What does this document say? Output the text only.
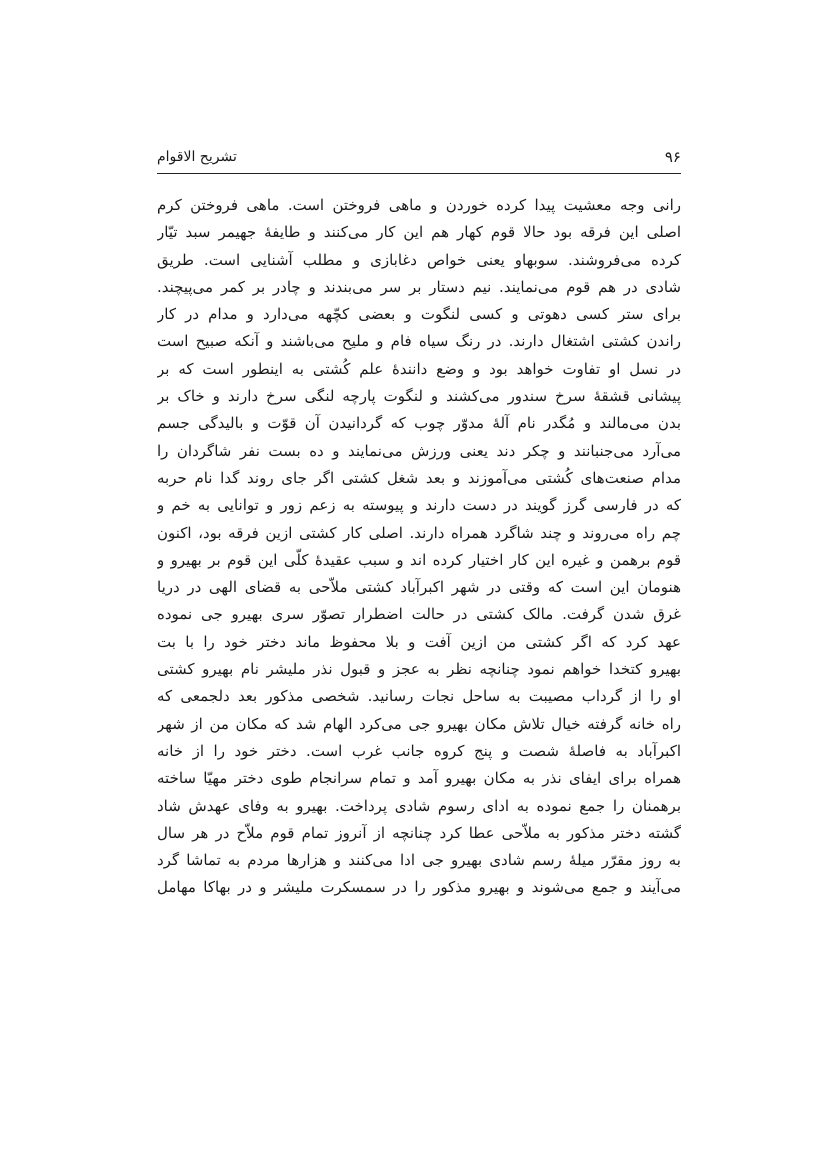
تشریح الاقوام	۹۶
رانی وجه معشیت پیدا کرده خوردن و ماهی فروختن است. ماهی فروختن کرم
اصلی این فرقه بود حالا قوم کهار هم این کار می‌کنند و طایفهٔ جهیمر سبد تیّار
کرده می‌فروشند. سوبهاو یعنی خواص دغابازی و مطلب آشنایی است. طریق
شادی در هم قوم می‌نمایند. نیم دستار بر سر می‌بندند و چادر بر کمر می‌پیچند.
برای ستر کسی دهوتی و کسی لنگوت و بعضی کچّهه می‌دارد و مدام در کار
راندن کشتی اشتغال دارند. در رنگ سیاه فام و ملیح می‌باشند و آنکه صبیح است
در نسل او تفاوت خواهد بود و وضع دانندهٔ علم کُشتی به اینطور است که بر
پیشانی قشقهٔ سرخ سندور می‌کشند و لنگوت پارچه لنگی سرخ دارند و خاک بر
بدن می‌مالند و مُگدر نام آلهٔ مدوّر چوب که گردانیدن آن قوّت و بالیدگی جسم
می‌آرد می‌جنبانند و چکر دند یعنی ورزش می‌نمایند و ده بست نفر شاگردان را
مدام صنعت‌های کُشتی می‌آموزند و بعد شغل کشتی اگر جای روند گدا نام حربه
که در فارسی گرز گویند در دست دارند و پیوسته به زعم زور و توانایی به خم و
چم راه می‌روند و چند شاگرد همراه دارند. اصلی کار کشتی ازین فرقه بود، اکنون
قوم برهمن و غیره این کار اختیار کرده اند و سبب عقیدهٔ کلّی این قوم بر بهیرو و
هنومان این است که وقتی در شهر اکبرآباد کشتی ملاّحی به قضای الهی در دریا
غرق شدن گرفت. مالک کشتی در حالت اضطرار تصوّر سری بهیرو جی نموده
عهد کرد که اگر کشتی من ازین آفت و بلا محفوظ ماند دختر خود را با بت
بهیرو کتخدا خواهم نمود چنانچه نظر به عجز و قبول نذر ملیشر نام بهیرو کشتی
او را از گرداب مصیبت به ساحل نجات رسانید. شخصی مذکور بعد دلجمعی که
راه خانه گرفته خیال تلاش مکان بهیرو جی می‌کرد الهام شد که مکان من از شهر
اکبرآباد به فاصلهٔ شصت و پنج کروه جانب غرب است. دختر خود را از خانه
همراه برای ایفای نذر به مکان بهیرو آمد و تمام سرانجام طوی دختر مهیّا ساخته
برهمنان را جمع نموده به ادای رسوم شادی پرداخت. بهیرو به وفای عهدش شاد
گشته دختر مذکور به ملاّحی عطا کرد چنانچه از آنروز تمام قوم ملاّح در هر سال
به روز مقرّر میلهٔ رسم شادی بهیرو جی ادا می‌کنند و هزارها مردم به تماشا گرد
می‌آیند و جمع می‌شوند و بهیرو مذکور را در سمسکرت ملیشر و در بهاکا مهامل
